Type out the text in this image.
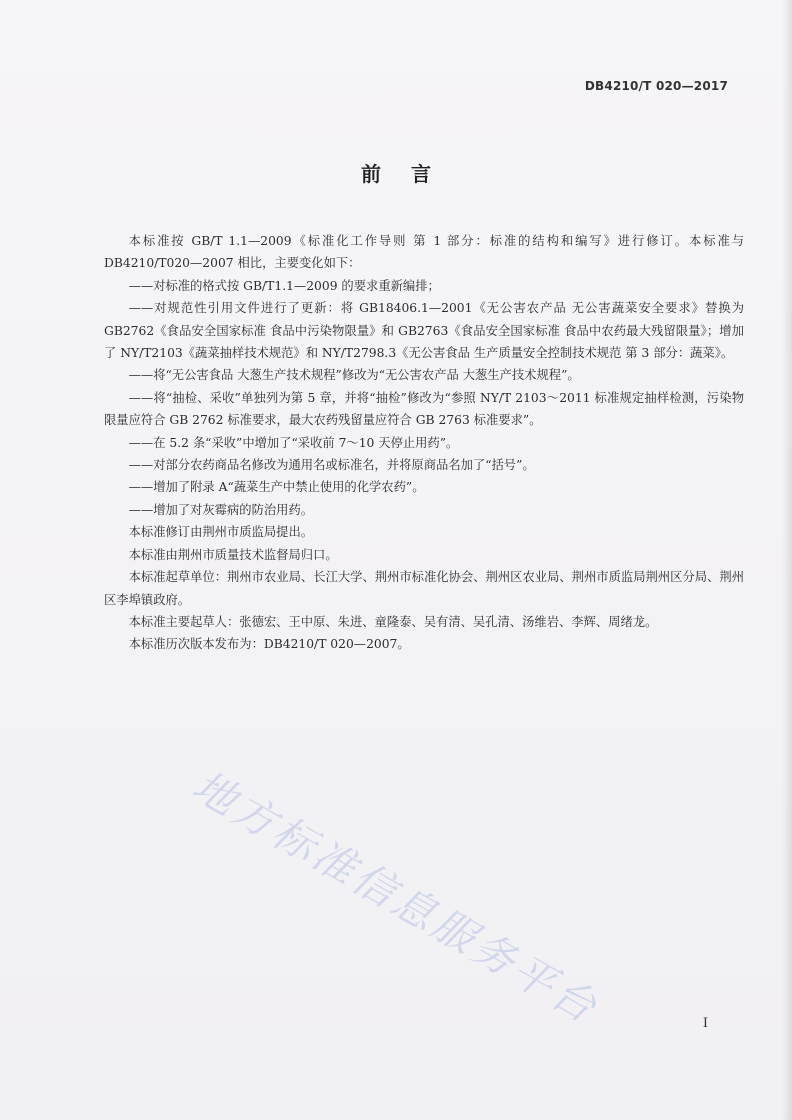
DB4210/T 020—2017
前言

本标准按 GB/T 1.1—2009《标准化工作导则 第 1 部分：标准的结构和编写》进行修订。本标准与 DB4210/T020—2007 相比，主要变化如下：

——对标准的格式按 GB/T1.1—2009 的要求重新编排；

——对规范性引用文件进行了更新：将 GB18406.1—2001《无公害农产品 无公害蔬菜安全要求》替换为 GB2762《食品安全国家标准 食品中污染物限量》和 GB2763《食品安全国家标准 食品中农药最大残留限量》；增加了 NY/T2103《蔬菜抽样技术规范》和 NY/T2798.3《无公害食品 生产质量安全控制技术规范 第 3 部分：蔬菜》。

——将“无公害食品 大葱生产技术规程”修改为“无公害农产品 大葱生产技术规程”。

——将“抽检、采收”单独列为第 5 章，并将“抽检”修改为“参照 NY/T 2103～2011 标准规定抽样检测，污染物限量应符合 GB 2762 标准要求，最大农药残留量应符合 GB 2763 标准要求”。

——在 5.2 条“采收”中增加了“采收前 7～10 天停止用药”。

——对部分农药商品名修改为通用名或标准名，并将原商品名加了“括号”。

——增加了附录 A“蔬菜生产中禁止使用的化学农药”。

——增加了对灰霉病的防治用药。

本标准修订由荆州市质监局提出。

本标准由荆州市质量技术监督局归口。

本标准起草单位：荆州市农业局、长江大学、荆州市标准化协会、荆州区农业局、荆州市质监局荆州区分局、荆州区李埠镇政府。

本标准主要起草人：张德宏、王中原、朱进、童隆泰、吴有清、吴孔清、汤维岩、李辉、周绪龙。

本标准历次版本发布为：DB4210/T 020—2007。

地方标准信息服务平台	I
